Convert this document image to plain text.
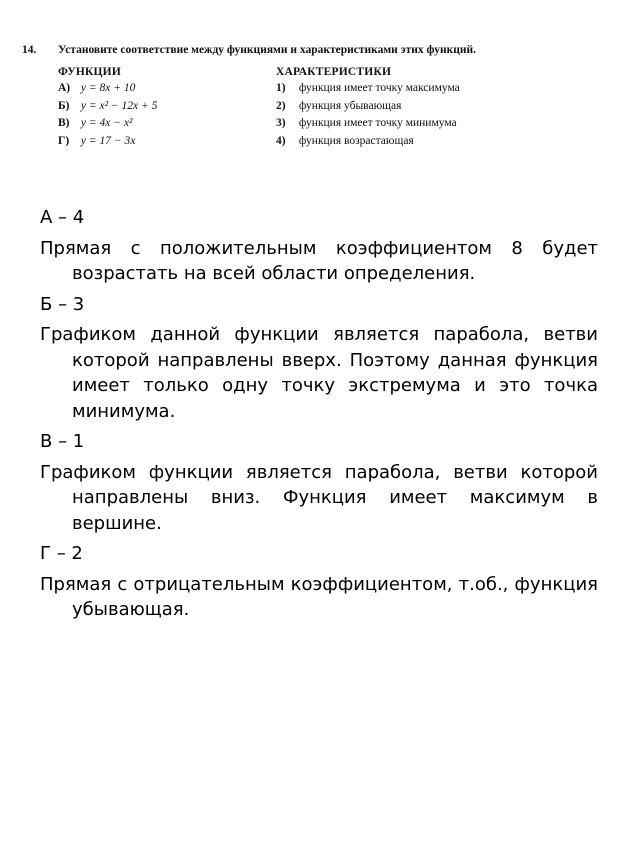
14. Установите соответствие между функциями и характеристиками этих функций.
ФУНКЦИИ
А) y = 8x + 10
Б) y = x² − 12x + 5
В) y = 4x − x²
Г) y = 17 − 3x
ХАРАКТЕРИСТИКИ
1) функция имеет точку максимума
2) функция убывающая
3) функция имеет точку минимума
4) функция возрастающая

А – 4

Прямая с положительным коэффициентом 8 будет возрастать на всей области определения.

Б – 3

Графиком данной функции является парабола, ветви которой направлены вверх. Поэтому данная функция имеет только одну точку экстремума и это точка минимума.

В – 1

Графиком функции является парабола, ветви которой направлены вниз. Функция имеет максимум в вершине.

Г – 2

Прямая с отрицательным коэффициентом, т.об., функция убывающая.
